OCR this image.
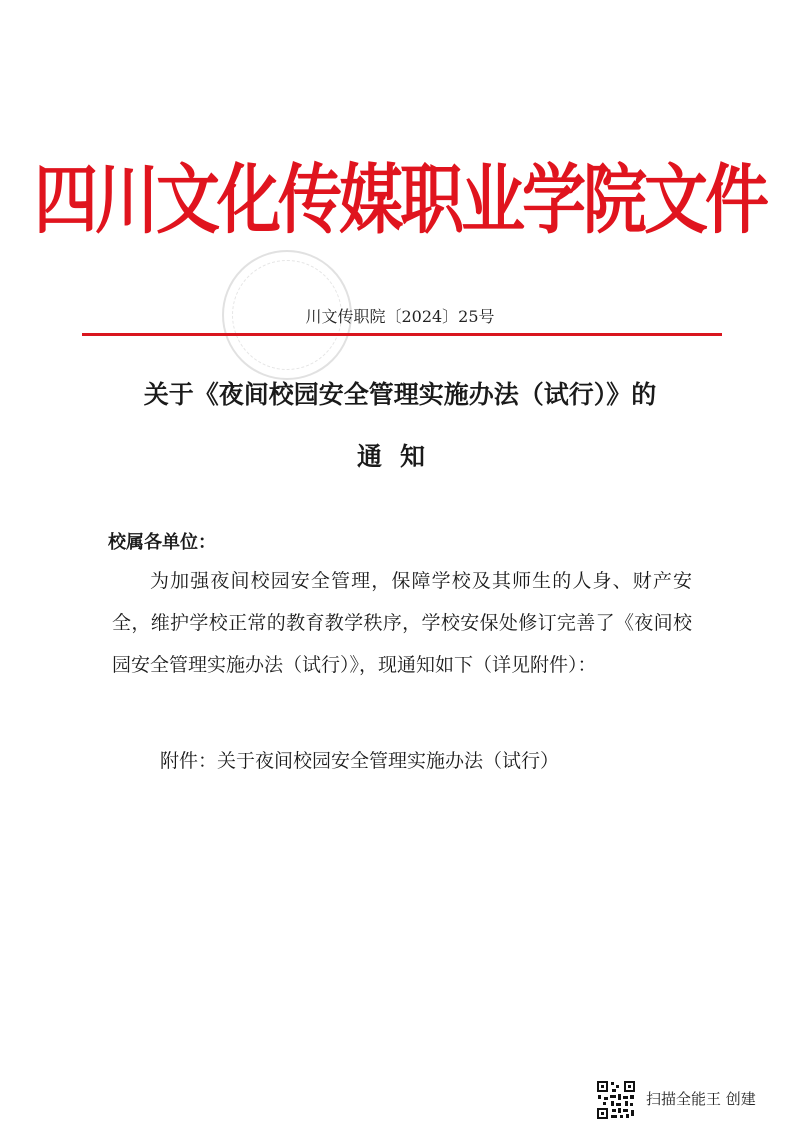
四川文化传媒职业学院文件
川文传职院〔2024〕25号
关于《夜间校园安全管理实施办法（试行）》的
通知
校属各单位：
为加强夜间校园安全管理，保障学校及其师生的人身、财产安全，维护学校正常的教育教学秩序，学校安保处修订完善了《夜间校园安全管理实施办法（试行）》，现通知如下（详见附件）：
附件：关于夜间校园安全管理实施办法（试行）
扫描全能王 创建
